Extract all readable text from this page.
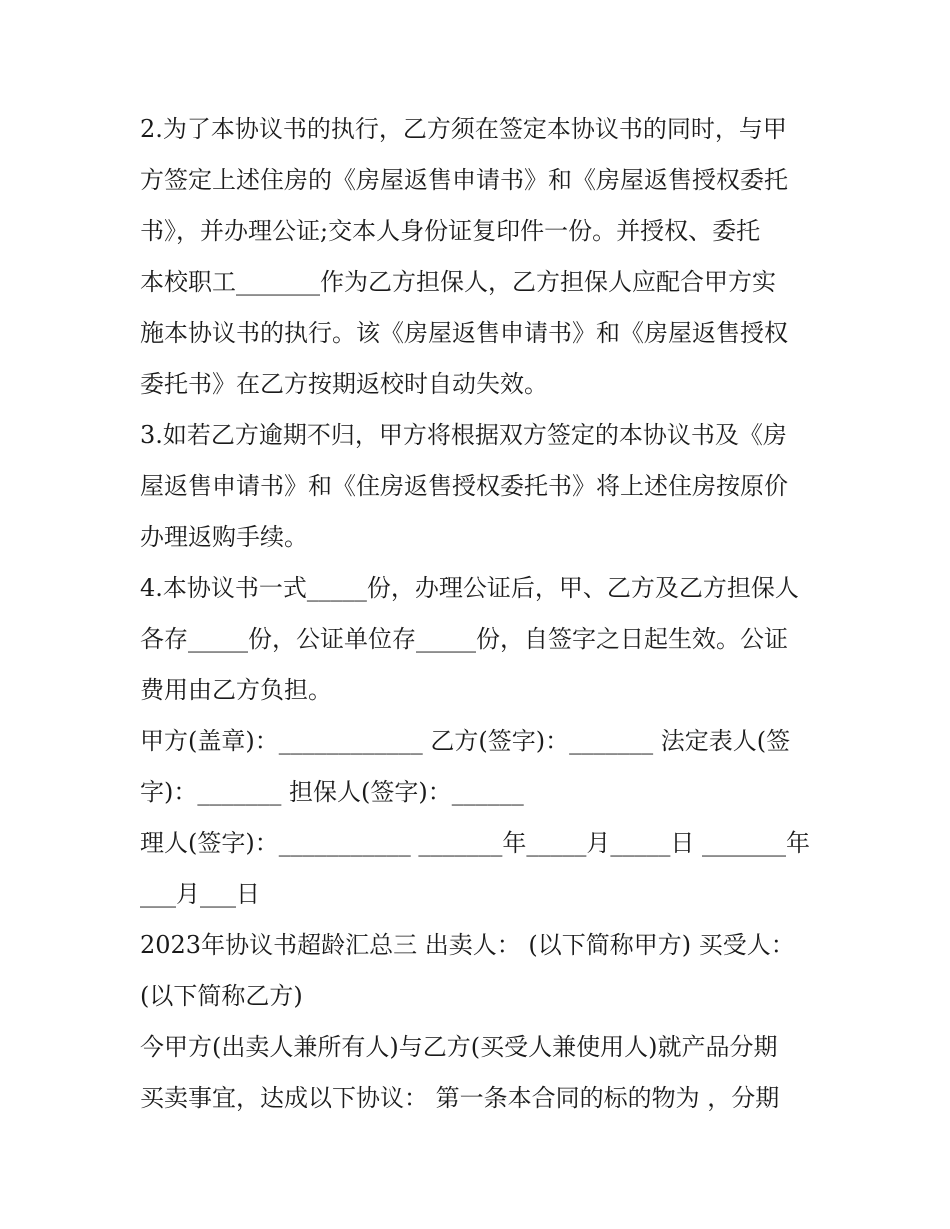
2.为了本协议书的执行，乙方须在签定本协议书的同时，与甲
方签定上述住房的《房屋返售申请书》和《房屋返售授权委托
书》，并办理公证;交本人身份证复印件一份。并授权、委托
本校职工_______作为乙方担保人，乙方担保人应配合甲方实
施本协议书的执行。该《房屋返售申请书》和《房屋返售授权
委托书》在乙方按期返校时自动失效。
3.如若乙方逾期不归，甲方将根据双方签定的本协议书及《房
屋返售申请书》和《住房返售授权委托书》将上述住房按原价
办理返购手续。
4.本协议书一式_____份，办理公证后，甲、乙方及乙方担保人
各存_____份，公证单位存_____份，自签字之日起生效。公证
费用由乙方负担。
甲方(盖章)：____________ 乙方(签字)：_______ 法定表人(签
字)：_______ 担保人(签字)：______
理人(签字)：___________ _______年_____月_____日 _______年
___月___日
2023年协议书超龄汇总三 出卖人： (以下简称甲方) 买受人：
(以下简称乙方)
今甲方(出卖人兼所有人)与乙方(买受人兼使用人)就产品分期
买卖事宜，达成以下协议： 第一条本合同的标的物为 ，分期
